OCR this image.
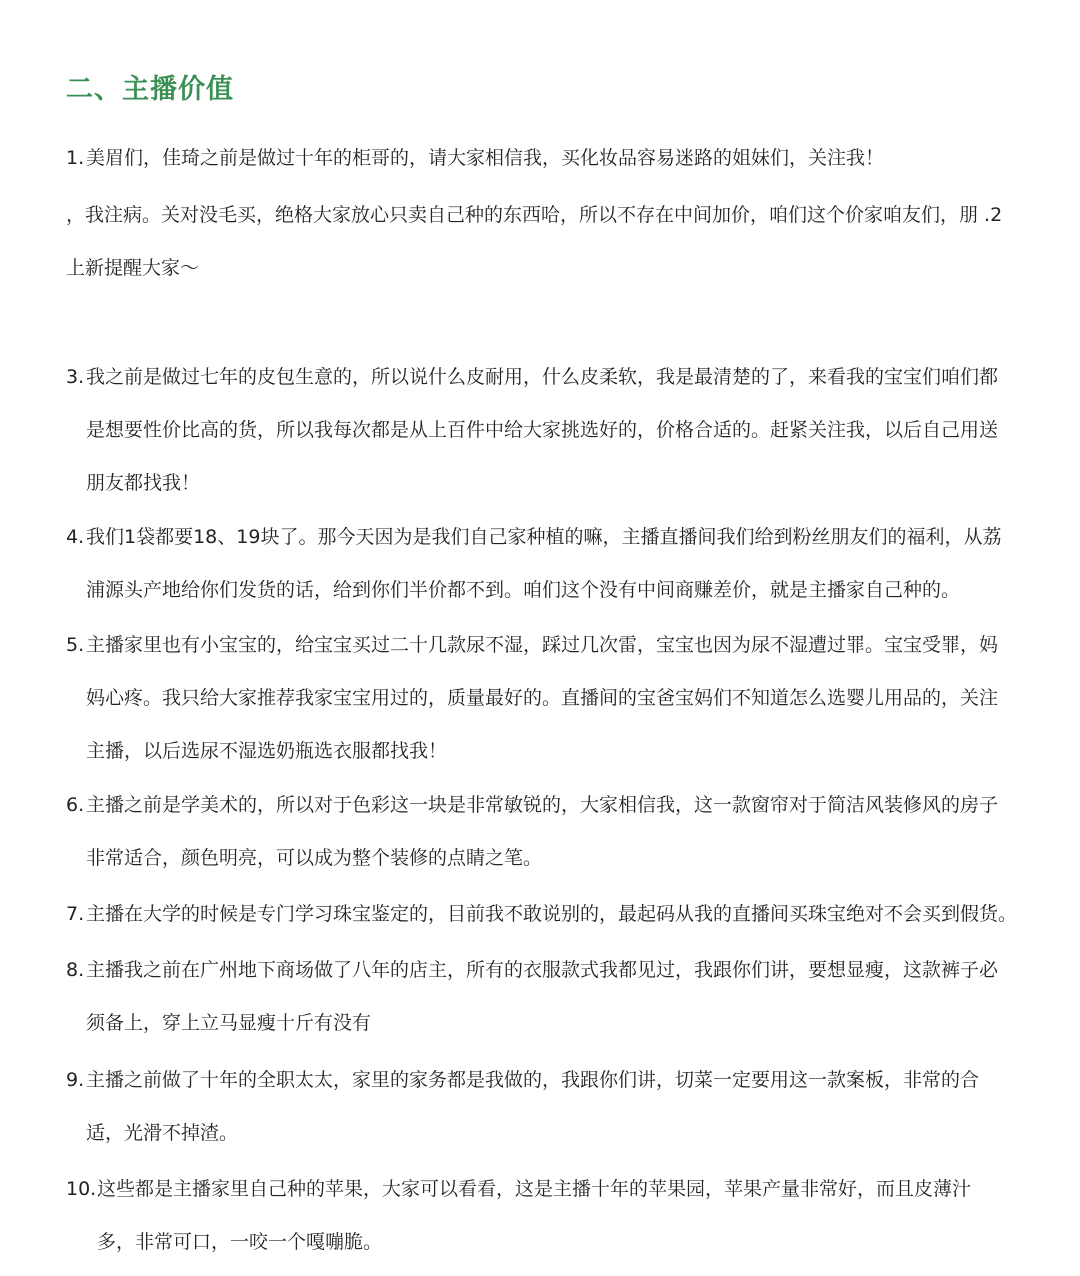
二、主播价值
1. 美眉们，佳琦之前是做过十年的柜哥的，请大家相信我，买化妆品容易迷路的姐妹们，关注我！
，我注病。关对没毛买，绝格大家放心只卖自己种的东西哈，所以不存在中间加价，咱们这个价家咱友们，朋 .2
上新提醒大家～
3. 我之前是做过七年的皮包生意的，所以说什么皮耐用，什么皮柔软，我是最清楚的了，来看我的宝宝们咱们都
是想要性价比高的货，所以我每次都是从上百件中给大家挑选好的，价格合适的。赶紧关注我，以后自己用送
朋友都找我！
4. 我们1袋都要18、19块了。那今天因为是我们自己家种植的嘛，主播直播间我们给到粉丝朋友们的福利，从荔
浦源头产地给你们发货的话，给到你们半价都不到。咱们这个没有中间商赚差价，就是主播家自己种的。
5. 主播家里也有小宝宝的，给宝宝买过二十几款尿不湿，踩过几次雷，宝宝也因为尿不湿遭过罪。宝宝受罪，妈
妈心疼。我只给大家推荐我家宝宝用过的，质量最好的。直播间的宝爸宝妈们不知道怎么选婴儿用品的，关注
主播，以后选尿不湿选奶瓶选衣服都找我！
6. 主播之前是学美术的，所以对于色彩这一块是非常敏锐的，大家相信我，这一款窗帘对于简洁风装修风的房子
非常适合，颜色明亮，可以成为整个装修的点睛之笔。
7. 主播在大学的时候是专门学习珠宝鉴定的，目前我不敢说别的，最起码从我的直播间买珠宝绝对不会买到假货。
8. 主播我之前在广州地下商场做了八年的店主，所有的衣服款式我都见过，我跟你们讲，要想显瘦，这款裤子必
须备上，穿上立马显瘦十斤有没有
9. 主播之前做了十年的全职太太，家里的家务都是我做的，我跟你们讲，切菜一定要用这一款案板，非常的合
适，光滑不掉渣。
10. 这些都是主播家里自己种的苹果，大家可以看看，这是主播十年的苹果园，苹果产量非常好，而且皮薄汁
多，非常可口，一咬一个嘎嘣脆。
